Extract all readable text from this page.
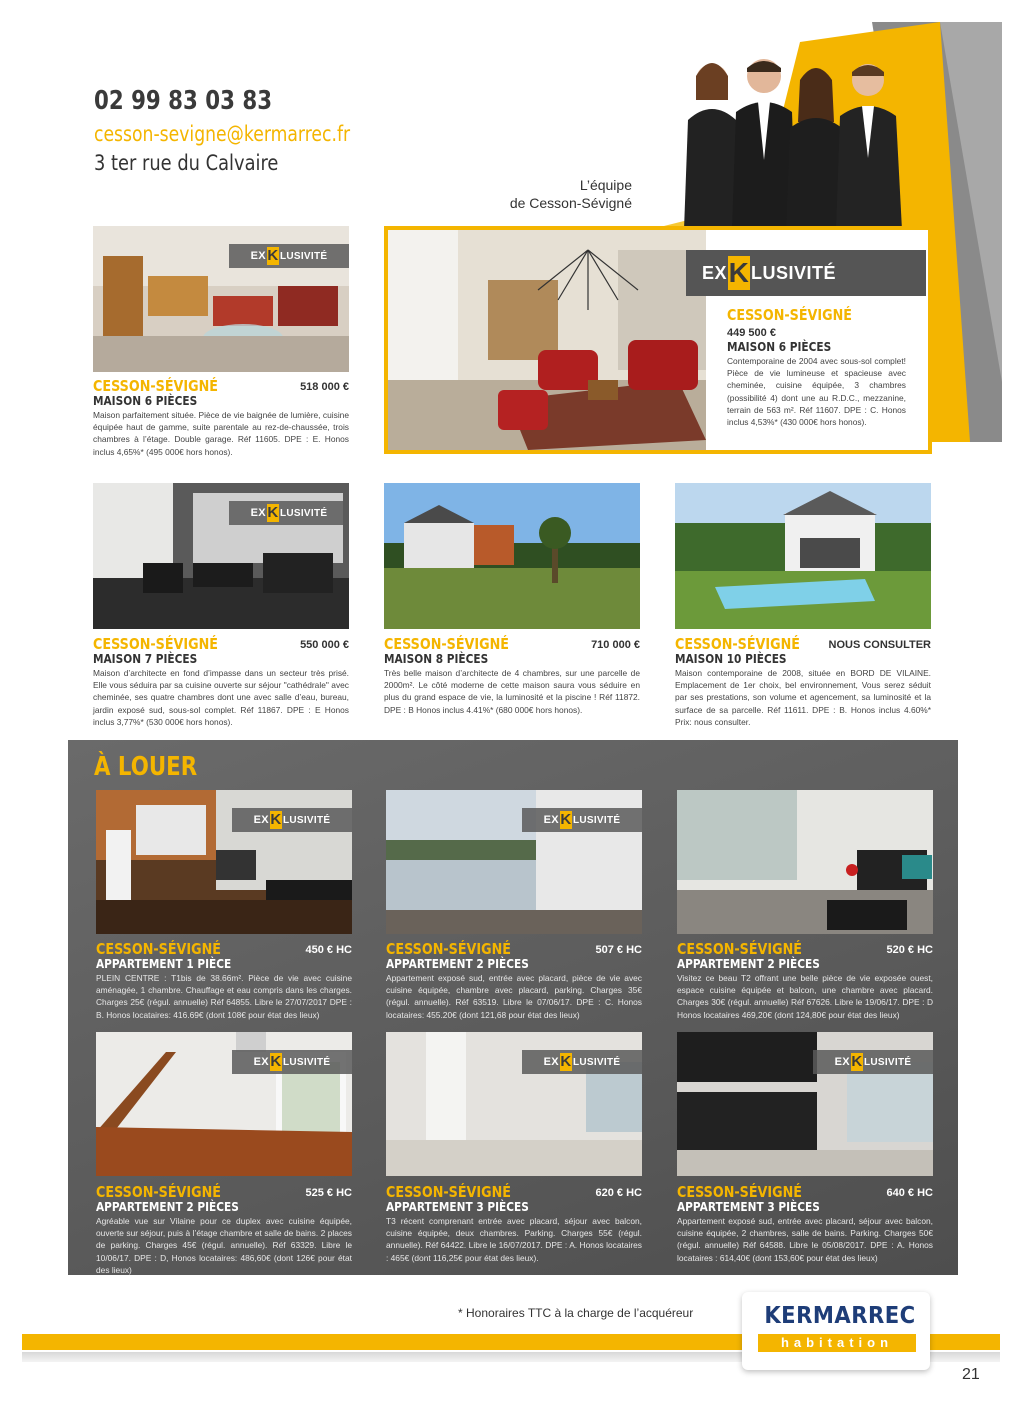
02 99 83 03 83
cesson-sevigne@kermarrec.fr
3 ter rue du Calvaire
L’équipe
de Cesson-Sévigné
EX K LUSIVITÉ
CESSON-SÉVIGNÉ	518 000 €
MAISON 6 PIÈCES
Maison parfaitement située. Pièce de vie baignée de lumière, cuisine équipée haut de gamme, suite parentale au rez-de-chaussée, trois chambres à l’étage. Double garage. Réf 11605. DPE : E. Honos inclus 4,65%* (495 000€ hors honos).
EX K LUSIVITÉ
CESSON-SÉVIGNÉ
449 500 €
MAISON 6 PIÈCES
Contemporaine de 2004 avec sous-sol complet! Pièce de vie lumineuse et spacieuse avec cheminée, cuisine équipée, 3 chambres (possibilité 4) dont une au R.D.C., mezzanine, terrain de 563 m². Réf 11607. DPE : C. Honos inclus 4,53%* (430 000€ hors honos).
EX K LUSIVITÉ
CESSON-SÉVIGNÉ	550 000 €
MAISON 7 PIÈCES
Maison d’architecte en fond d’impasse dans un secteur très prisé. Elle vous séduira par sa cuisine ouverte sur séjour "cathédrale" avec cheminée, ses quatre chambres dont une avec salle d’eau, bureau, jardin exposé sud, sous-sol complet. Réf 11867. DPE : E Honos inclus 3,77%* (530 000€ hors honos).
CESSON-SÉVIGNÉ	710 000 €
MAISON 8 PIÈCES
Très belle maison d’architecte de 4 chambres, sur une parcelle de 2000m². Le côté moderne de cette maison saura vous séduire en plus du grand espace de vie, la luminosité et la piscine ! Réf 11872. DPE : B Honos inclus 4.41%* (680 000€ hors honos).
CESSON-SÉVIGNÉ	NOUS CONSULTER
MAISON 10 PIÈCES
Maison contemporaine de 2008, située en BORD DE VILAINE. Emplacement de 1er choix, bel environnement, Vous serez séduit par ses prestations, son volume et agencement, sa luminosité et la surface de sa parcelle. Réf 11611. DPE : B. Honos inclus 4.60%* Prix: nous consulter.
À LOUER
EX K LUSIVITÉ
CESSON-SÉVIGNÉ	450 € HC
APPARTEMENT 1 PIÈCE
PLEIN CENTRE : T1bis de 38.66m². Pièce de vie avec cuisine aménagée, 1 chambre. Chauffage et eau compris dans les charges. Charges 25€ (régul. annuelle) Réf 64855. Libre le 27/07/2017 DPE : B. Honos locataires: 416.69€ (dont 108€ pour état des lieux)
EX K LUSIVITÉ
CESSON-SÉVIGNÉ	507 € HC
APPARTEMENT 2 PIÈCES
Appartement exposé sud, entrée avec placard, pièce de vie avec cuisine équipée, chambre avec placard, parking. Charges 35€ (régul. annuelle). Réf 63519. Libre le 07/06/17. DPE : C. Honos locataires: 455.20€ (dont 121,68 pour état des lieux)
CESSON-SÉVIGNÉ	520 € HC
APPARTEMENT 2 PIÈCES
Visitez ce beau T2 offrant une belle pièce de vie exposée ouest, espace cuisine équipée et balcon, une chambre avec placard. Charges 30€ (régul. annuelle) Réf 67626. Libre le 19/06/17. DPE : D Honos locataires 469,20€ (dont 124,80€ pour état des lieux)
EX K LUSIVITÉ
CESSON-SÉVIGNÉ	525 € HC
APPARTEMENT 2 PIÈCES
Agréable vue sur Vilaine pour ce duplex avec cuisine équipée, ouverte sur séjour, puis à l’étage chambre et salle de bains. 2 places de parking. Charges 45€ (régul. annuelle). Réf 63329. Libre le 10/06/17. DPE : D, Honos locataires: 486,60€ (dont 126€ pour état des lieux)
EX K LUSIVITÉ
CESSON-SÉVIGNÉ	620 € HC
APPARTEMENT 3 PIÈCES
T3 récent comprenant entrée avec placard, séjour avec balcon, cuisine équipée, deux chambres. Parking. Charges 55€ (régul. annuelle). Réf 64422. Libre le 16/07/2017. DPE : A. Honos locataires : 465€ (dont 116,25€ pour état des lieux).
EX K LUSIVITÉ
CESSON-SÉVIGNÉ	640 € HC
APPARTEMENT 3 PIÈCES
Appartement exposé sud, entrée avec placard, séjour avec balcon, cuisine équipée, 2 chambres, salle de bains. Parking. Charges 50€ (régul. annuelle) Réf 64588. Libre le 05/08/2017. DPE : A. Honos locataires : 614,40€ (dont 153,60€ pour état des lieux)
* Honoraires TTC à la charge de l’acquéreur	KERMARREC
habitation
21
